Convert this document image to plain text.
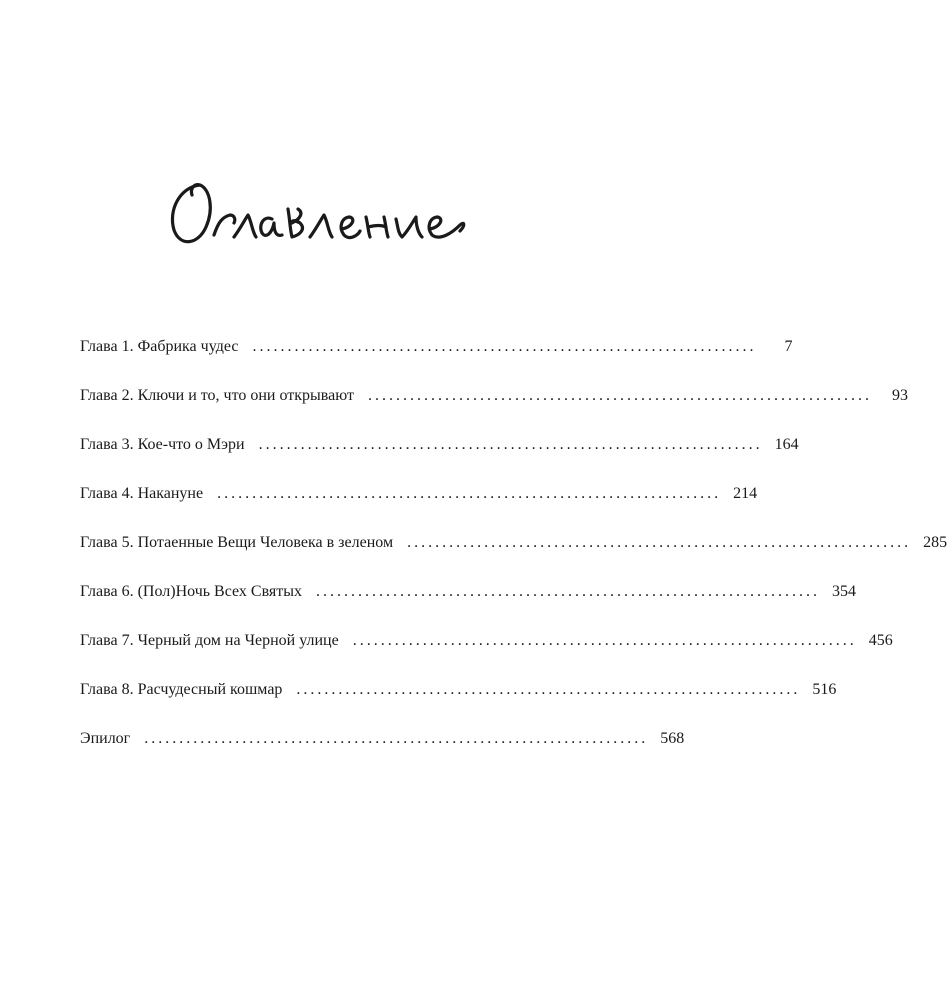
Глава 1. Фабрика чудес ........................................................................	7
Глава 2. Ключи и то, что они открывают ........................................................................	93
Глава 3. Кое-что о Мэри ........................................................................ 164
Глава 4. Накануне ........................................................................ 214
Глава 5. Потаенные Вещи Человека в зеленом ........................................................................ 285
Глава 6. (Пол)Ночь Всех Святых ........................................................................ 354
Глава 7. Черный дом на Черной улице ........................................................................ 456
Глава 8. Расчудесный кошмар ........................................................................ 516
Эпилог ........................................................................ 568
